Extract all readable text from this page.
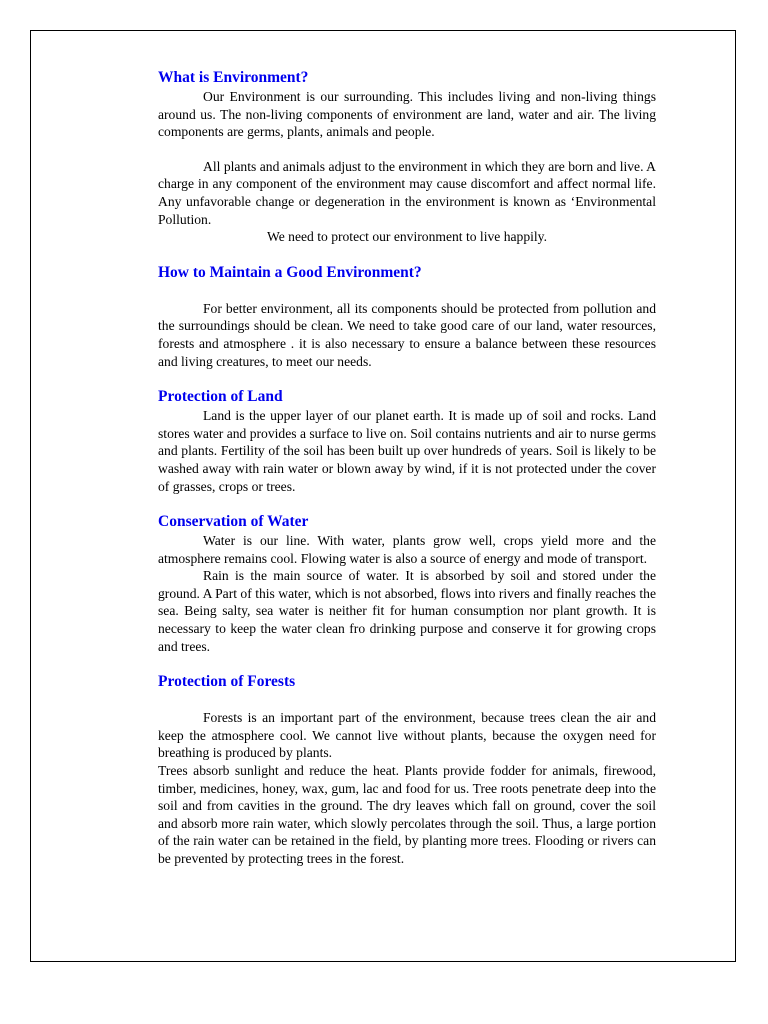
What is Environment?

Our Environment is our surrounding. This includes living and non-living things around us. The non-living components of environment are land, water and air. The living components are germs, plants, animals and people.

All plants and animals adjust to the environment in which they are born and live. A charge in any component of the environment may cause discomfort and affect normal life. Any unfavorable change or degeneration in the environment is known as ‘Environmental Pollution.

We need to protect our environment to live happily.

How to Maintain a Good Environment?

For better environment, all its components should be protected from pollution and the surroundings should be clean. We need to take good care of our land, water resources, forests and atmosphere . it is also necessary to ensure a balance between these resources and living creatures, to meet our needs.

Protection of Land

Land is the upper layer of our planet earth. It is made up of soil and rocks. Land stores water and provides a surface to live on. Soil contains nutrients and air to nurse germs and plants. Fertility of the soil has been built up over hundreds of years. Soil is likely to be washed away with rain water or blown away by wind, if it is not protected under the cover of grasses, crops or trees.

Conservation of Water

Water is our line. With water, plants grow well, crops yield more and the atmosphere remains cool. Flowing water is also a source of energy and mode of transport.

Rain is the main source of water. It is absorbed by soil and stored under the ground. A Part of this water, which is not absorbed, flows into rivers and finally reaches the sea. Being salty, sea water is neither fit for human consumption nor plant growth. It is necessary to keep the water clean fro drinking purpose and conserve it for growing crops and trees.

Protection of Forests

Forests is an important part of the environment, because trees clean the air and keep the atmosphere cool. We cannot live without plants, because the oxygen need for breathing is produced by plants.

Trees absorb sunlight and reduce the heat. Plants provide fodder for animals, firewood, timber, medicines, honey, wax, gum, lac and food for us. Tree roots penetrate deep into the soil and from cavities in the ground. The dry leaves which fall on ground, cover the soil and absorb more rain water, which slowly percolates through the soil. Thus, a large portion of the rain water can be retained in the field, by planting more trees. Flooding or rivers can be prevented by protecting trees in the forest.
